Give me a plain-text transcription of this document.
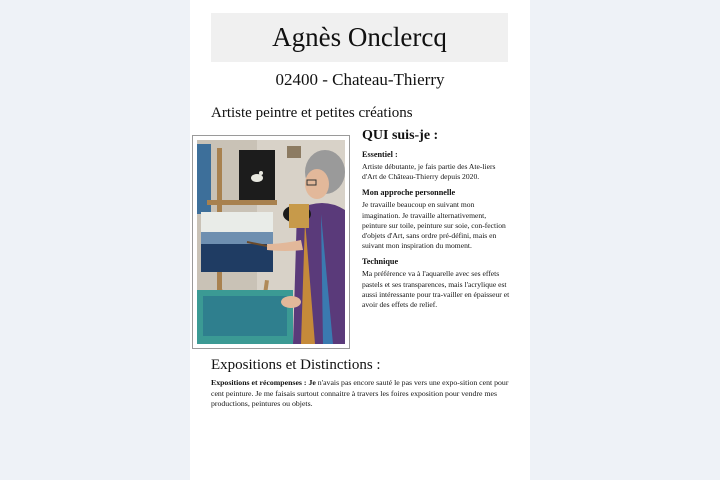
Agnès Onclercq
02400 - Chateau-Thierry
Artiste peintre et petites créations
QUI suis-je :
Essentiel :
Artiste débutante, je fais partie des Ate-liers d'Art de Château-Thierry depuis 2020.
Mon approche personnelle
Je travaille beaucoup en suivant mon imagination. Je travaille alternativement, peinture sur toile, peinture sur soie, con-fection d'objets d'Art, sans ordre pré-défini, mais en suivant mon inspiration du moment.
Technique
Ma préférence va à l'aquarelle avec ses effets pastels et ses transparences, mais l'acrylique est aussi intéressante pour tra-vailler en épaisseur et avoir des effets de relief.
Expositions et Distinctions :
Expositions et récompenses : Je n'avais pas encore sauté le pas vers une expo-sition cent pour cent peinture. Je me faisais surtout connaitre à travers les foires exposition pour vendre mes productions, peintures ou objets.
